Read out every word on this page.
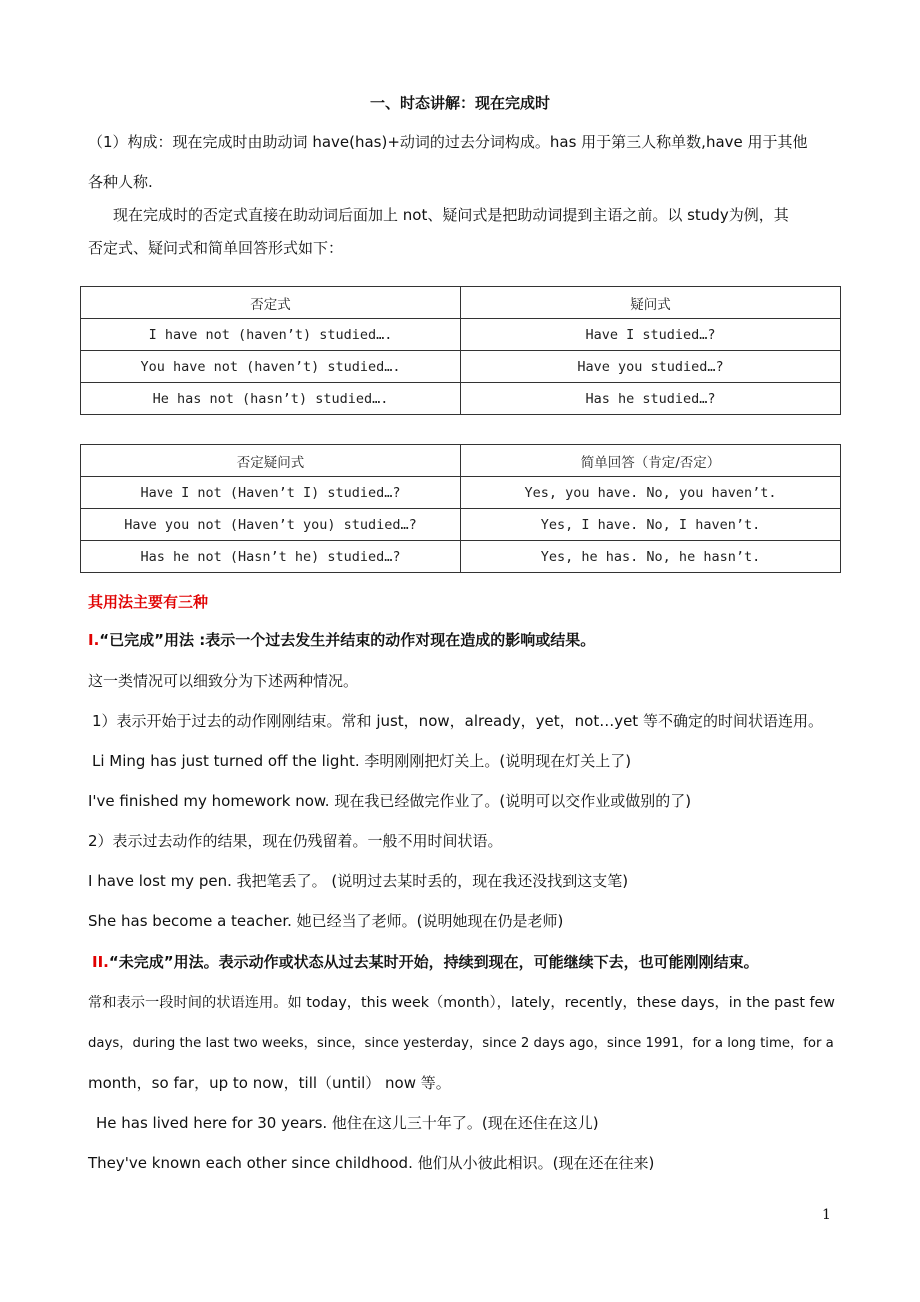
一、时态讲解：现在完成时
（1）构成：现在完成时由助动词 have(has)+动词的过去分词构成。has 用于第三人称单数,have 用于其他
各种人称.
现在完成时的否定式直接在助动词后面加上 not、疑问式是把助动词提到主语之前。以 study为例，其
否定式、疑问式和简单回答形式如下：
否定式	疑问式
I have not (haven’t) studied….	Have I studied…?
You have not (haven’t) studied….	Have you studied…?
He has not (hasn’t) studied….	Has he studied…?
否定疑问式	简单回答（肯定/否定）
Have I not (Haven’t I) studied…?	Yes, you have. No, you haven’t.
Have you not (Haven’t you) studied…?	Yes, I have. No, I haven’t.
Has he not (Hasn’t he) studied…?	Yes, he has. No, he hasn’t.
其用法主要有三种
I.“已完成”用法 :表示一个过去发生并结束的动作对现在造成的影响或结果。
这一类情况可以细致分为下述两种情况。
1）表示开始于过去的动作刚刚结束。常和 just，now，already，yet，not…yet 等不确定的时间状语连用。
Li Ming has just turned off the light. 李明刚刚把灯关上。(说明现在灯关上了)
I've finished my homework now. 现在我已经做完作业了。(说明可以交作业或做别的了)
2）表示过去动作的结果，现在仍残留着。一般不用时间状语。
I have lost my pen. 我把笔丢了。 (说明过去某时丢的，现在我还没找到这支笔)
She has become a teacher. 她已经当了老师。(说明她现在仍是老师)
II.“未完成”用法。表示动作或状态从过去某时开始，持续到现在，可能继续下去，也可能刚刚结束。
常和表示一段时间的状语连用。如 today，this week（month），lately，recently，these days，in the past few
days，during the last two weeks，since，since yesterday，since 2 days ago，since 1991，for a long time，for a
month，so far，up to now，till（until） now 等。
He has lived here for 30 years. 他住在这儿三十年了。(现在还住在这儿)
They've known each other since childhood. 他们从小彼此相识。(现在还在往来)
1
